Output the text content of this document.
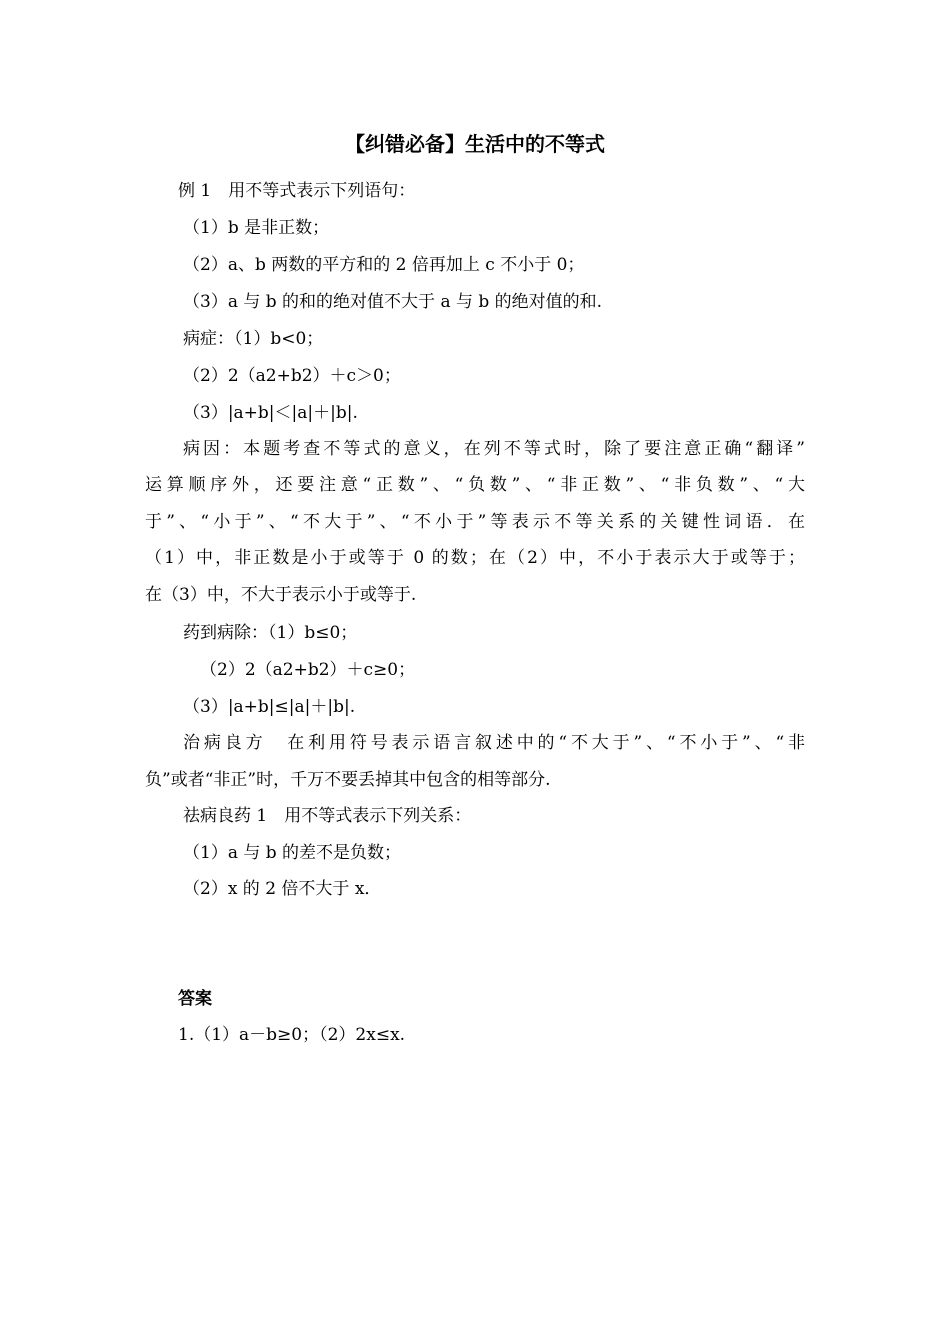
【纠错必备】生活中的不等式
例 1　用不等式表示下列语句：
（1）b 是非正数；
（2）a、b 两数的平方和的 2 倍再加上 c 不小于 0；
（3）a 与 b 的和的绝对值不大于 a 与 b 的绝对值的和.
病症：（1）b<0；
（2）2（a2+b2）＋c＞0；
（3）|a+b|＜|a|＋|b|.
病因：本题考查不等式的意义，在列不等式时，除了要注意正确“翻译”
运算顺序外，还要注意“正数”、“负数”、“非正数”、“非负数”、“大
于”、“小于”、“不大于”、“不小于”等表示不等关系的关键性词语．在
（1）中，非正数是小于或等于 0 的数；在（2）中，不小于表示大于或等于；
在（3）中，不大于表示小于或等于.
药到病除：（1）b≤0；
（2）2（a2+b2）＋c≥0；
（3）|a+b|≤|a|＋|b|.
治病良方　在利用符号表示语言叙述中的“不大于”、“不小于”、“非
负”或者“非正”时，千万不要丢掉其中包含的相等部分.
祛病良药 1　用不等式表示下列关系：
（1）a 与 b 的差不是负数；
（2）x 的 2 倍不大于 x．
答案
1.（1）a－b≥0；（2）2x≤x.
